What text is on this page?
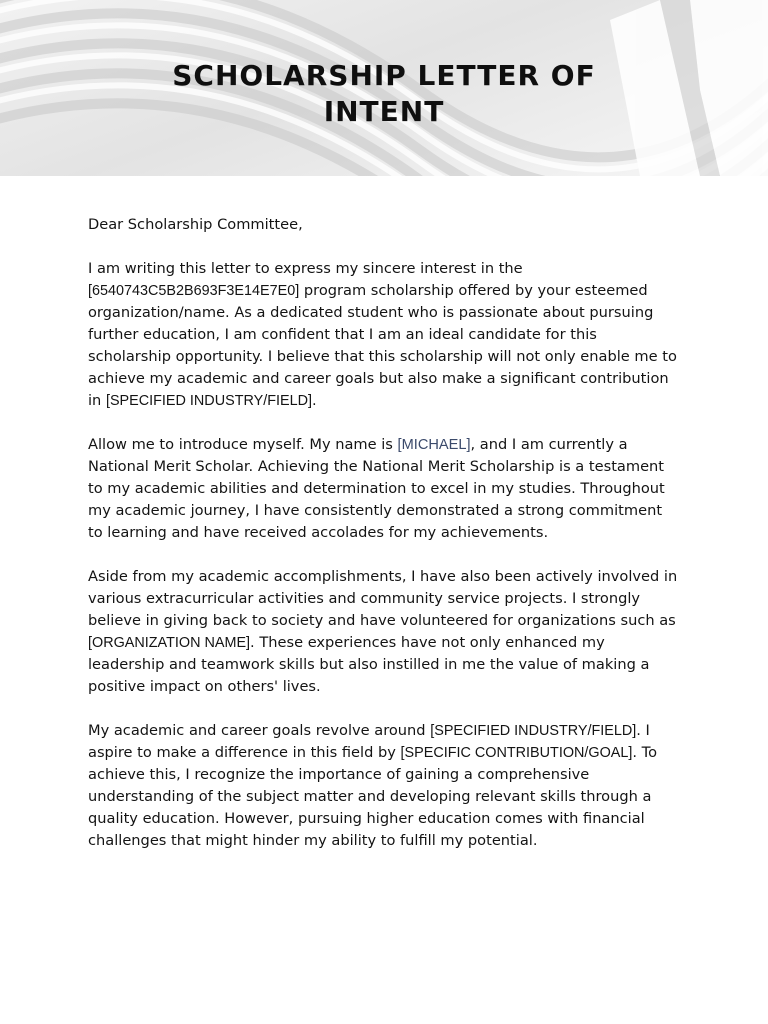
SCHOLARSHIP LETTER OF
INTENT

Dear Scholarship Committee,

I am writing this letter to express my sincere interest in the
[6540743C5B2B693F3E14E7E0] program scholarship offered by your esteemed organization/name. As a dedicated student who is passionate about pursuing further education, I am confident that I am an ideal candidate for this scholarship opportunity. I believe that this scholarship will not only enable me to achieve my academic and career goals but also make a significant contribution in [SPECIFIED INDUSTRY/FIELD].

Allow me to introduce myself. My name is [MICHAEL], and I am currently a National Merit Scholar. Achieving the National Merit Scholarship is a testament to my academic abilities and determination to excel in my studies. Throughout my academic journey, I have consistently demonstrated a strong commitment to learning and have received accolades for my achievements.

Aside from my academic accomplishments, I have also been actively involved in various extracurricular activities and community service projects. I strongly believe in giving back to society and have volunteered for organizations such as [ORGANIZATION NAME]. These experiences have not only enhanced my leadership and teamwork skills but also instilled in me the value of making a positive impact on others' lives.

My academic and career goals revolve around [SPECIFIED INDUSTRY/FIELD]. I aspire to make a difference in this field by [SPECIFIC CONTRIBUTION/GOAL]. To achieve this, I recognize the importance of gaining a comprehensive understanding of the subject matter and developing relevant skills through a quality education. However, pursuing higher education comes with financial challenges that might hinder my ability to fulfill my potential.
